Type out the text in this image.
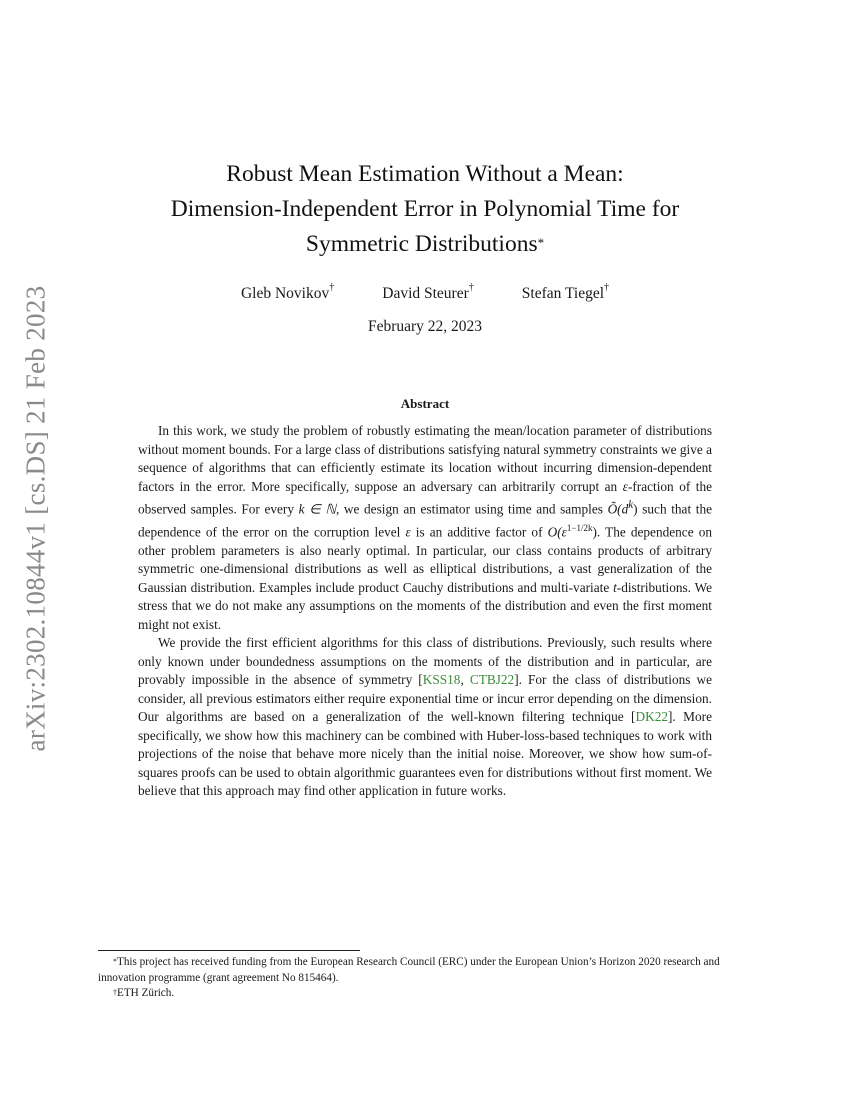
arXiv:2302.10844v1 [cs.DS] 21 Feb 2023
Robust Mean Estimation Without a Mean:
Dimension-Independent Error in Polynomial Time for
Symmetric Distributions*
Gleb Novikov†	David Steurer†	Stefan Tiegel†
February 22, 2023
Abstract

In this work, we study the problem of robustly estimating the mean/location parameter of distributions without moment bounds. For a large class of distributions satisfying natural symmetry constraints we give a sequence of algorithms that can efficiently estimate its location without incurring dimension-dependent factors in the error. More specifically, suppose an adversary can arbitrarily corrupt an ε-fraction of the observed samples. For every k ∈ ℕ, we design an estimator using time and samples $Õ(d^k)$ such that the dependence of the error on the corruption level ε is an additive factor of $O(\varepsilon^{1-1/2k})$. The dependence on other problem parameters is also nearly optimal. In particular, our class contains products of arbitrary symmetric one-dimensional distributions as well as elliptical distributions, a vast generalization of the Gaussian distribution. Examples include product Cauchy distributions and multi-variate t-distributions. We stress that we do not make any assumptions on the moments of the distribution and even the first moment might not exist.

We provide the first efficient algorithms for this class of distributions. Previously, such results where only known under boundedness assumptions on the moments of the distribution and in particular, are provably impossible in the absence of symmetry [KSS18, CTBJ22]. For the class of distributions we consider, all previous estimators either require exponential time or incur error depending on the dimension. Our algorithms are based on a generalization of the well-known filtering technique [DK22]. More specifically, we show how this machinery can be combined with Huber-loss-based techniques to work with projections of the noise that behave more nicely than the initial noise. Moreover, we show how sum-of-squares proofs can be used to obtain algorithmic guarantees even for distributions without first moment. We believe that this approach may find other application in future works.

*This project has received funding from the European Research Council (ERC) under the European Union’s Horizon 2020 research and innovation programme (grant agreement No 815464).

†ETH Zürich.
